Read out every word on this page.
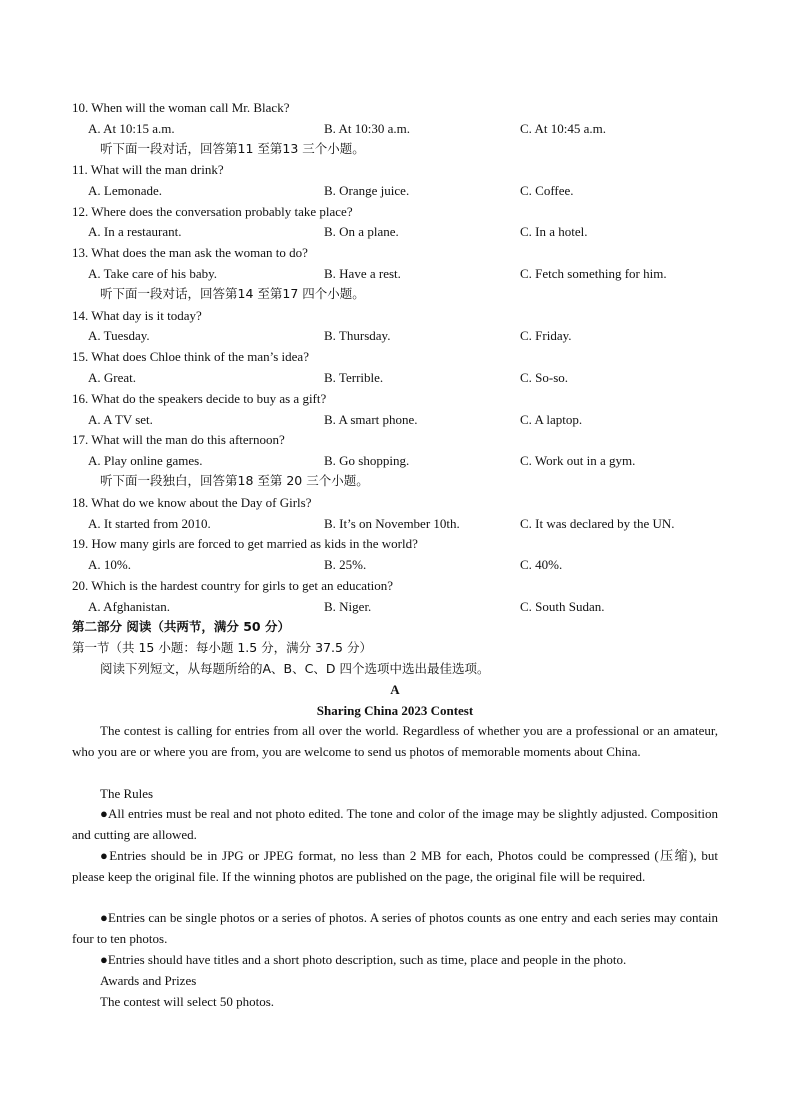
10. When will the woman call Mr. Black?
A. At 10:15 a.m.	B. At 10:30 a.m.	C. At 10:45 a.m.
听下面一段对话，回答第11 至第13 三个小题。
11. What will the man drink?
A. Lemonade.	B. Orange juice.	C. Coffee.
12. Where does the conversation probably take place?
A. In a restaurant.	B. On a plane.	C. In a hotel.
13. What does the man ask the woman to do?
A. Take care of his baby.	B. Have a rest.	C. Fetch something for him.
听下面一段对话，回答第14 至第17 四个小题。
14. What day is it today?
A. Tuesday.	B. Thursday.	C. Friday.
15. What does Chloe think of the man’s idea?
A. Great.	B. Terrible.	C. So-so.
16. What do the speakers decide to buy as a gift?
A. A TV set.	B. A smart phone.	C. A laptop.
17. What will the man do this afternoon?
A. Play online games.	B. Go shopping.	C. Work out in a gym.
听下面一段独白，回答第18 至第 20 三个小题。
18. What do we know about the Day of Girls?
A. It started from 2010.	B. It’s on November 10th.	C. It was declared by the UN.
19. How many girls are forced to get married as kids in the world?
A. 10%.	B. 25%.	C. 40%.
20. Which is the hardest country for girls to get an education?
A. Afghanistan.	B. Niger.	C. South Sudan.
第二部分 阅读（共两节，满分 50 分）
第一节（共 15 小题：每小题 1.5 分，满分 37.5 分）
阅读下列短文，从每题所给的A、B、C、D 四个选项中选出最佳选项。
A
Sharing China 2023 Contest
The contest is calling for entries from all over the world. Regardless of whether you are a professional or an amateur, who you are or where you are from, you are welcome to send us photos of memorable moments about China.
The Rules
●All entries must be real and not photo edited. The tone and color of the image may be slightly adjusted. Composition and cutting are allowed.
●Entries should be in JPG or JPEG format, no less than 2 MB for each, Photos could be compressed (压缩), but please keep the original file. If the winning photos are published on the page, the original file will be required.
●Entries can be single photos or a series of photos. A series of photos counts as one entry and each series may contain four to ten photos.
●Entries should have titles and a short photo description, such as time, place and people in the photo.
Awards and Prizes
The contest will select 50 photos.
